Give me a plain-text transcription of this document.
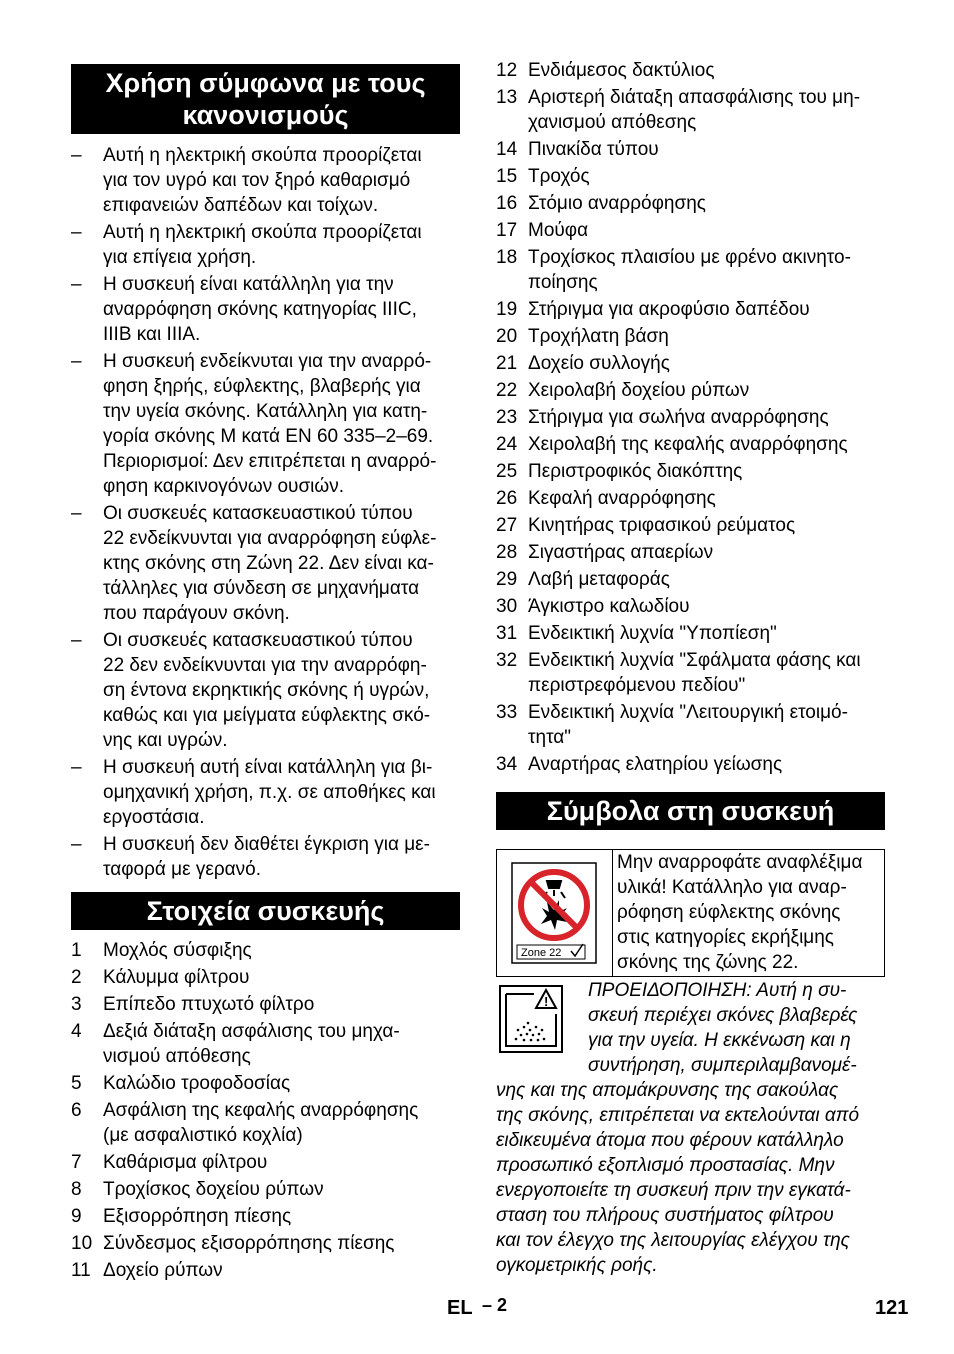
Χρήση σύμφωνα με τους
κανονισμούς
– Αυτή η ηλεκτρική σκούπα προορίζεται
για τον υγρό και τον ξηρό καθαρισμό
επιφανειών δαπέδων και τοίχων.
– Αυτή η ηλεκτρική σκούπα προορίζεται
για επίγεια χρήση.
– Η συσκευή είναι κατάλληλη για την
αναρρόφηση σκόνης κατηγορίας IIIC,
IIIB και IIIA.
– Η συσκευή ενδείκνυται για την αναρρό-
φηση ξηρής, εύφλεκτης, βλαβερής για
την υγεία σκόνης. Κατάλληλη για κατη-
γορία σκόνης M κατά EN 60 335–2–69.
Περιορισμοί: Δεν επιτρέπεται η αναρρό-
φηση καρκινογόνων ουσιών.
– Οι συσκευές κατασκευαστικού τύπου
22 ενδείκνυνται για αναρρόφηση εύφλε-
κτης σκόνης στη Ζώνη 22. Δεν είναι κα-
τάλληλες για σύνδεση σε μηχανήματα
που παράγουν σκόνη.
– Οι συσκευές κατασκευαστικού τύπου
22 δεν ενδείκνυνται για την αναρρόφη-
ση έντονα εκρηκτικής σκόνης ή υγρών,
καθώς και για μείγματα εύφλεκτης σκό-
νης και υγρών.
– Η συσκευή αυτή είναι κατάλληλη για βι-
ομηχανική χρήση, π.χ. σε αποθήκες και
εργοστάσια.
– Η συσκευή δεν διαθέτει έγκριση για με-
ταφορά με γερανό.
Στοιχεία συσκευής
1 Μοχλός σύσφιξης
2 Κάλυμμα φίλτρου
3 Επίπεδο πτυχωτό φίλτρο
4 Δεξιά διάταξη ασφάλισης του μηχα-
νισμού απόθεσης
5 Καλώδιο τροφοδοσίας
6 Ασφάλιση της κεφαλής αναρρόφησης
(με ασφαλιστικό κοχλία)
7 Καθάρισμα φίλτρου
8 Τροχίσκος δοχείου ρύπων
9 Εξισορρόπηση πίεσης
10 Σύνδεσμος εξισορρόπησης πίεσης
11 Δοχείο ρύπων
12 Ενδιάμεσος δακτύλιος
13 Αριστερή διάταξη απασφάλισης του μη-
χανισμού απόθεσης
14 Πινακίδα τύπου
15 Τροχός
16 Στόμιο αναρρόφησης
17 Μούφα
18 Τροχίσκος πλαισίου με φρένο ακινητο-
ποίησης
19 Στήριγμα για ακροφύσιο δαπέδου
20 Τροχήλατη βάση
21 Δοχείο συλλογής
22 Χειρολαβή δοχείου ρύπων
23 Στήριγμα για σωλήνα αναρρόφησης
24 Χειρολαβή της κεφαλής αναρρόφησης
25 Περιστροφικός διακόπτης
26 Κεφαλή αναρρόφησης
27 Κινητήρας τριφασικού ρεύματος
28 Σιγαστήρας απαερίων
29 Λαβή μεταφοράς
30 Άγκιστρο καλωδίου
31 Ενδεικτική λυχνία "Υποπίεση"
32 Ενδεικτική λυχνία "Σφάλματα φάσης και
περιστρεφόμενου πεδίου"
33 Ενδεικτική λυχνία "Λειτουργική ετοιμό-
τητα"
34 Αναρτήρας ελατηρίου γείωσης
Σύμβολα στη συσκευή
Zone 22
Μην αναρροφάτε αναφλέξιμα
υλικά! Κατάλληλο για αναρ-
ρόφηση εύφλεκτης σκόνης
στις κατηγορίες εκρήξιμης
σκόνης της ζώνης 22.
!
ΠΡΟΕΙΔΟΠΟΙΗΣΗ: Αυτή η συ-
σκευή περιέχει σκόνες βλαβερές
για την υγεία. Η εκκένωση και η
συντήρηση, συμπεριλαμβανομέ-
νης και της απομάκρυνσης της σακούλας
της σκόνης, επιτρέπεται να εκτελούνται από
ειδικευμένα άτομα που φέρουν κατάλληλο
προσωπικό εξοπλισμό προστασίας. Μην
ενεργοποιείτε τη συσκευή πριν την εγκατά-
σταση του πλήρους συστήματος φίλτρου
και τον έλεγχο της λειτουργίας ελέγχου της
ογκομετρικής ροής.
EL – 2	121
